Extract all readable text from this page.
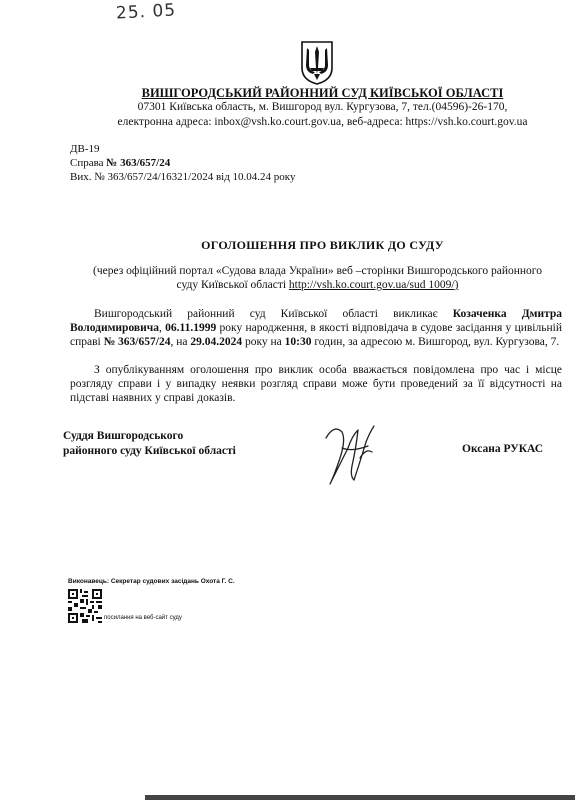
25. 05
ВИШГОРОДСЬКИЙ РАЙОННИЙ СУД КИЇВСЬКОЇ ОБЛАСТІ
07301 Київська область, м. Вишгород вул. Кургузова, 7, тел.(04596)-26-170,
електронна адреса: inbox@vsh.ko.court.gov.ua, веб-адреса: https://vsh.ko.court.gov.ua
ДВ-19
Справа № 363/657/24
Вих. № 363/657/24/16321/2024 від 10.04.24 року
ОГОЛОШЕННЯ ПРО ВИКЛИК ДО СУДУ
(через офіційний портал «Судова влада України» веб –сторінки Вишгородського районного
суду Київської області http://vsh.ko.court.gov.ua/sud 1009/)
Вишгородський районний суд Київської області викликає Козаченка Дмитра Володимировича, 06.11.1999 року народження, в якості відповідача в судове засідання у цивільній справі № 363/657/24, на 29.04.2024 року на 10:30 годин, за адресою м. Вишгород, вул. Кургузова, 7.
З опублікуванням оголошення про виклик особа вважається повідомлена про час і місце розгляду справи і у випадку неявки розгляд справи може бути проведений за її відсутності на підставі наявних у справі доказів.
Суддя Вишгородського
районного суду Київської області	Оксана РУКАС
Виконавець: Секретар судових засідань Охота Г. С.
посилання на веб-сайт суду
